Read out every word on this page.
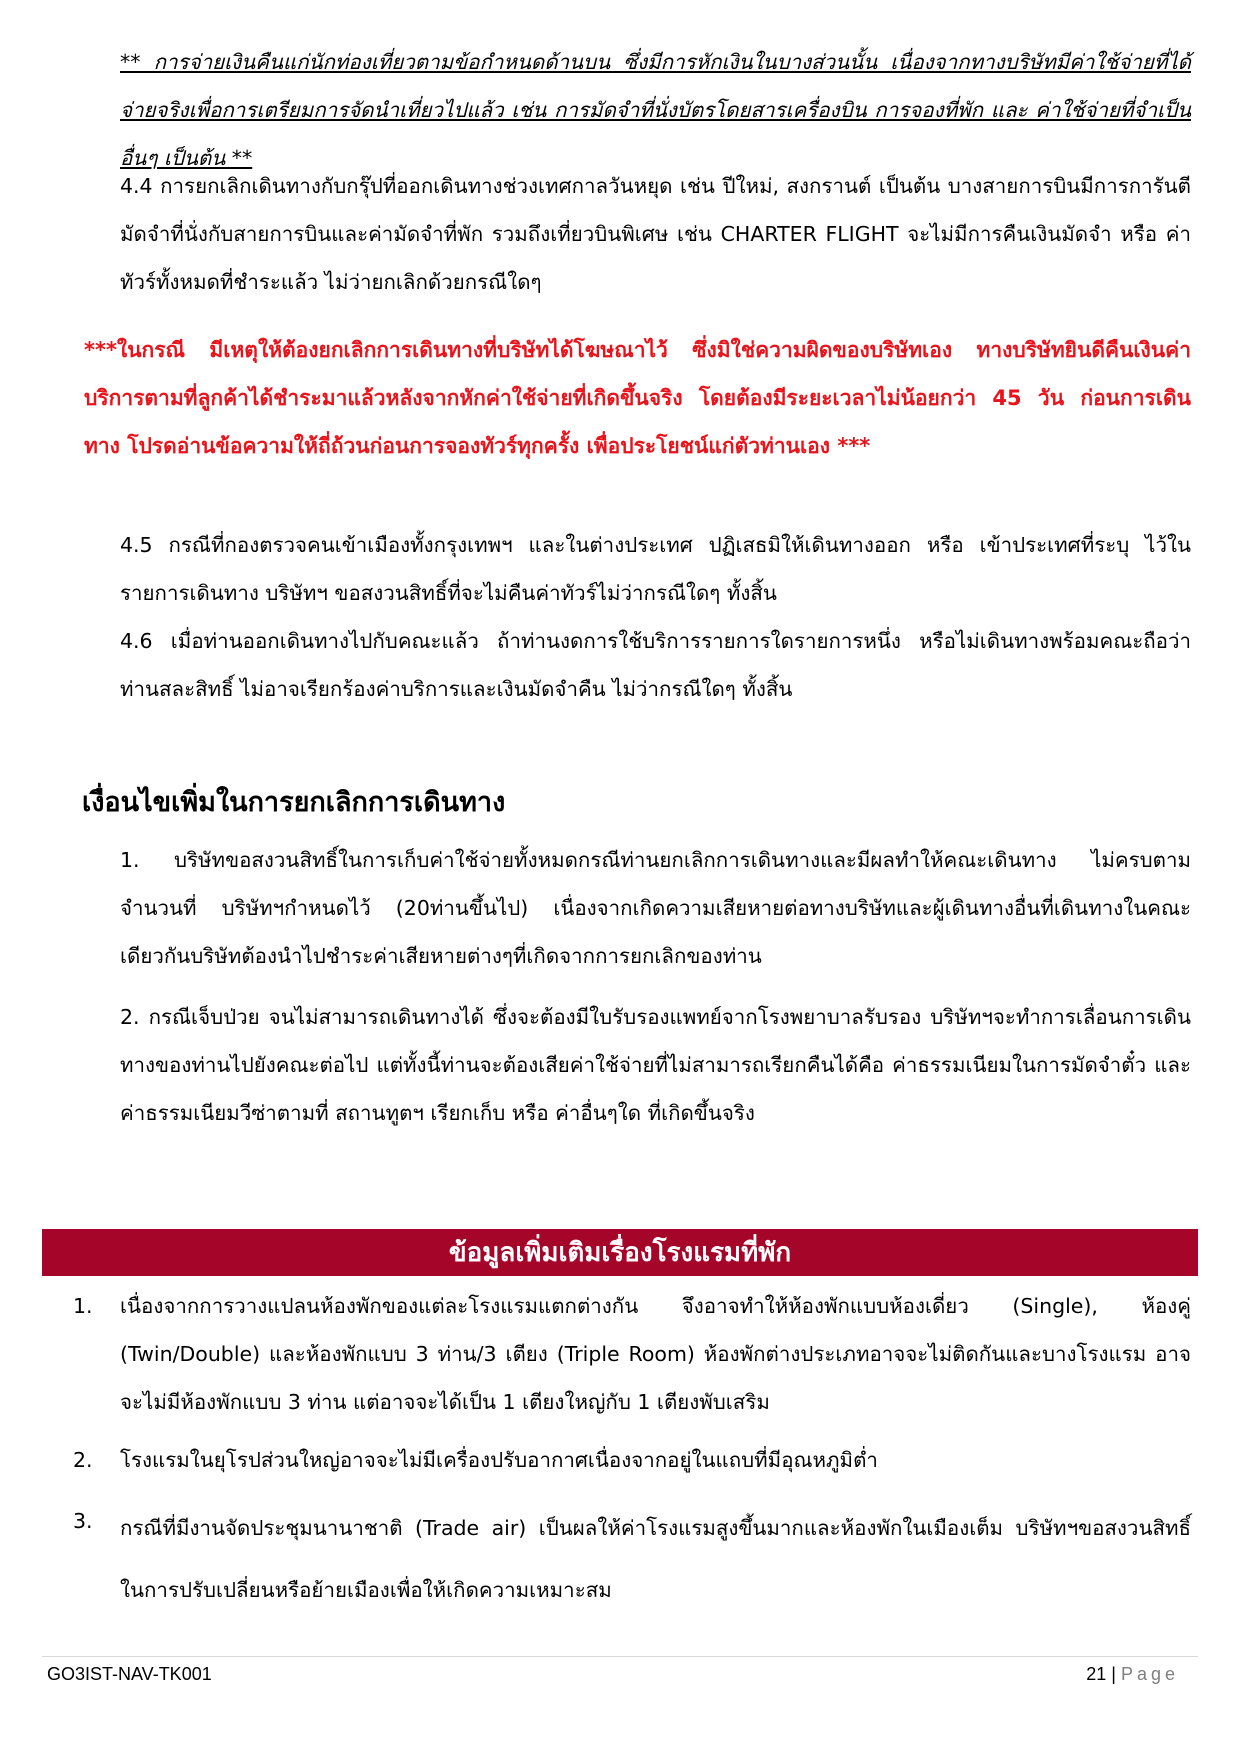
** การจ่ายเงินคืนแก่นักท่องเที่ยวตามข้อกำหนดด้านบน ซึ่งมีการหักเงินในบางส่วนนั้น เนื่องจากทางบริษัทมีค่าใช้จ่ายที่ได้จ่ายจริงเพื่อการเตรียมการจัดนำเที่ยวไปแล้ว เช่น การมัดจำที่นั่งบัตรโดยสารเครื่องบิน การจองที่พัก และ ค่าใช้จ่ายที่จำเป็นอื่นๆ เป็นต้น **

4.4 การยกเลิกเดินทางกับกรุ๊ปที่ออกเดินทางช่วงเทศกาลวันหยุด เช่น ปีใหม่, สงกรานต์ เป็นต้น บางสายการบินมีการการันตีมัดจำที่นั่งกับสายการบินและค่ามัดจำที่พัก รวมถึงเที่ยวบินพิเศษ เช่น CHARTER FLIGHT จะไม่มีการคืนเงินมัดจำ หรือ ค่าทัวร์ทั้งหมดที่ชำระแล้ว ไม่ว่ายกเลิกด้วยกรณีใดๆ

***ในกรณี มีเหตุให้ต้องยกเลิกการเดินทางที่บริษัทได้โฆษณาไว้ ซึ่งมิใช่ความผิดของบริษัทเอง ทางบริษัทยินดีคืนเงินค่าบริการตามที่ลูกค้าได้ชำระมาแล้วหลังจากหักค่าใช้จ่ายที่เกิดขึ้นจริง โดยต้องมีระยะเวลาไม่น้อยกว่า 45 วัน ก่อนการเดินทาง โปรดอ่านข้อความให้ถี่ถ้วนก่อนการจองทัวร์ทุกครั้ง เพื่อประโยชน์แก่ตัวท่านเอง ***

4.5 กรณีที่กองตรวจคนเข้าเมืองทั้งกรุงเทพฯ และในต่างประเทศ ปฏิเสธมิให้เดินทางออก หรือ เข้าประเทศที่ระบุ ไว้ในรายการเดินทาง บริษัทฯ ขอสงวนสิทธิ์ที่จะไม่คืนค่าทัวร์ไม่ว่ากรณีใดๆ ทั้งสิ้น

4.6 เมื่อท่านออกเดินทางไปกับคณะแล้ว ถ้าท่านงดการใช้บริการรายการใดรายการหนึ่ง หรือไม่เดินทางพร้อมคณะถือว่าท่านสละสิทธิ์ ไม่อาจเรียกร้องค่าบริการและเงินมัดจำคืน ไม่ว่ากรณีใดๆ ทั้งสิ้น

เงื่อนไขเพิ่มในการยกเลิกการเดินทาง

1. บริษัทขอสงวนสิทธิ์ในการเก็บค่าใช้จ่ายทั้งหมดกรณีท่านยกเลิกการเดินทางและมีผลทำให้คณะเดินทาง ไม่ครบตามจำนวนที่ บริษัทฯกำหนดไว้ (20ท่านขึ้นไป) เนื่องจากเกิดความเสียหายต่อทางบริษัทและผู้เดินทางอื่นที่เดินทางในคณะเดียวกันบริษัทต้องนำไปชำระค่าเสียหายต่างๆที่เกิดจากการยกเลิกของท่าน

2. กรณีเจ็บป่วย จนไม่สามารถเดินทางได้ ซึ่งจะต้องมีใบรับรองแพทย์จากโรงพยาบาลรับรอง บริษัทฯจะทำการเลื่อนการเดินทางของท่านไปยังคณะต่อไป แต่ทั้งนี้ท่านจะต้องเสียค่าใช้จ่ายที่ไม่สามารถเรียกคืนได้คือ ค่าธรรมเนียมในการมัดจำตั๋ว และค่าธรรมเนียมวีซ่าตามที่ สถานทูตฯ เรียกเก็บ หรือ ค่าอื่นๆใด ที่เกิดขึ้นจริง

ข้อมูลเพิ่มเติมเรื่องโรงแรมที่พัก
1. เนื่องจากการวางแปลนห้องพักของแต่ละโรงแรมแตกต่างกัน จึงอาจทำให้ห้องพักแบบห้องเดี่ยว (Single), ห้องคู่ (Twin/Double) และห้องพักแบบ 3 ท่าน/3 เตียง (Triple Room) ห้องพักต่างประเภทอาจจะไม่ติดกันและบางโรงแรม อาจจะไม่มีห้องพักแบบ 3 ท่าน แต่อาจจะได้เป็น 1 เตียงใหญ่กับ 1 เตียงพับเสริม

2. โรงแรมในยุโรปส่วนใหญ่อาจจะไม่มีเครื่องปรับอากาศเนื่องจากอยู่ในแถบที่มีอุณหภูมิต่ำ

3. กรณีที่มีงานจัดประชุมนานาชาติ (Trade air) เป็นผลให้ค่าโรงแรมสูงขึ้นมากและห้องพักในเมืองเต็ม บริษัทฯขอสงวนสิทธิ์ในการปรับเปลี่ยนหรือย้ายเมืองเพื่อให้เกิดความเหมาะสม

GO3IST-NAV-TK001	21 | Page
